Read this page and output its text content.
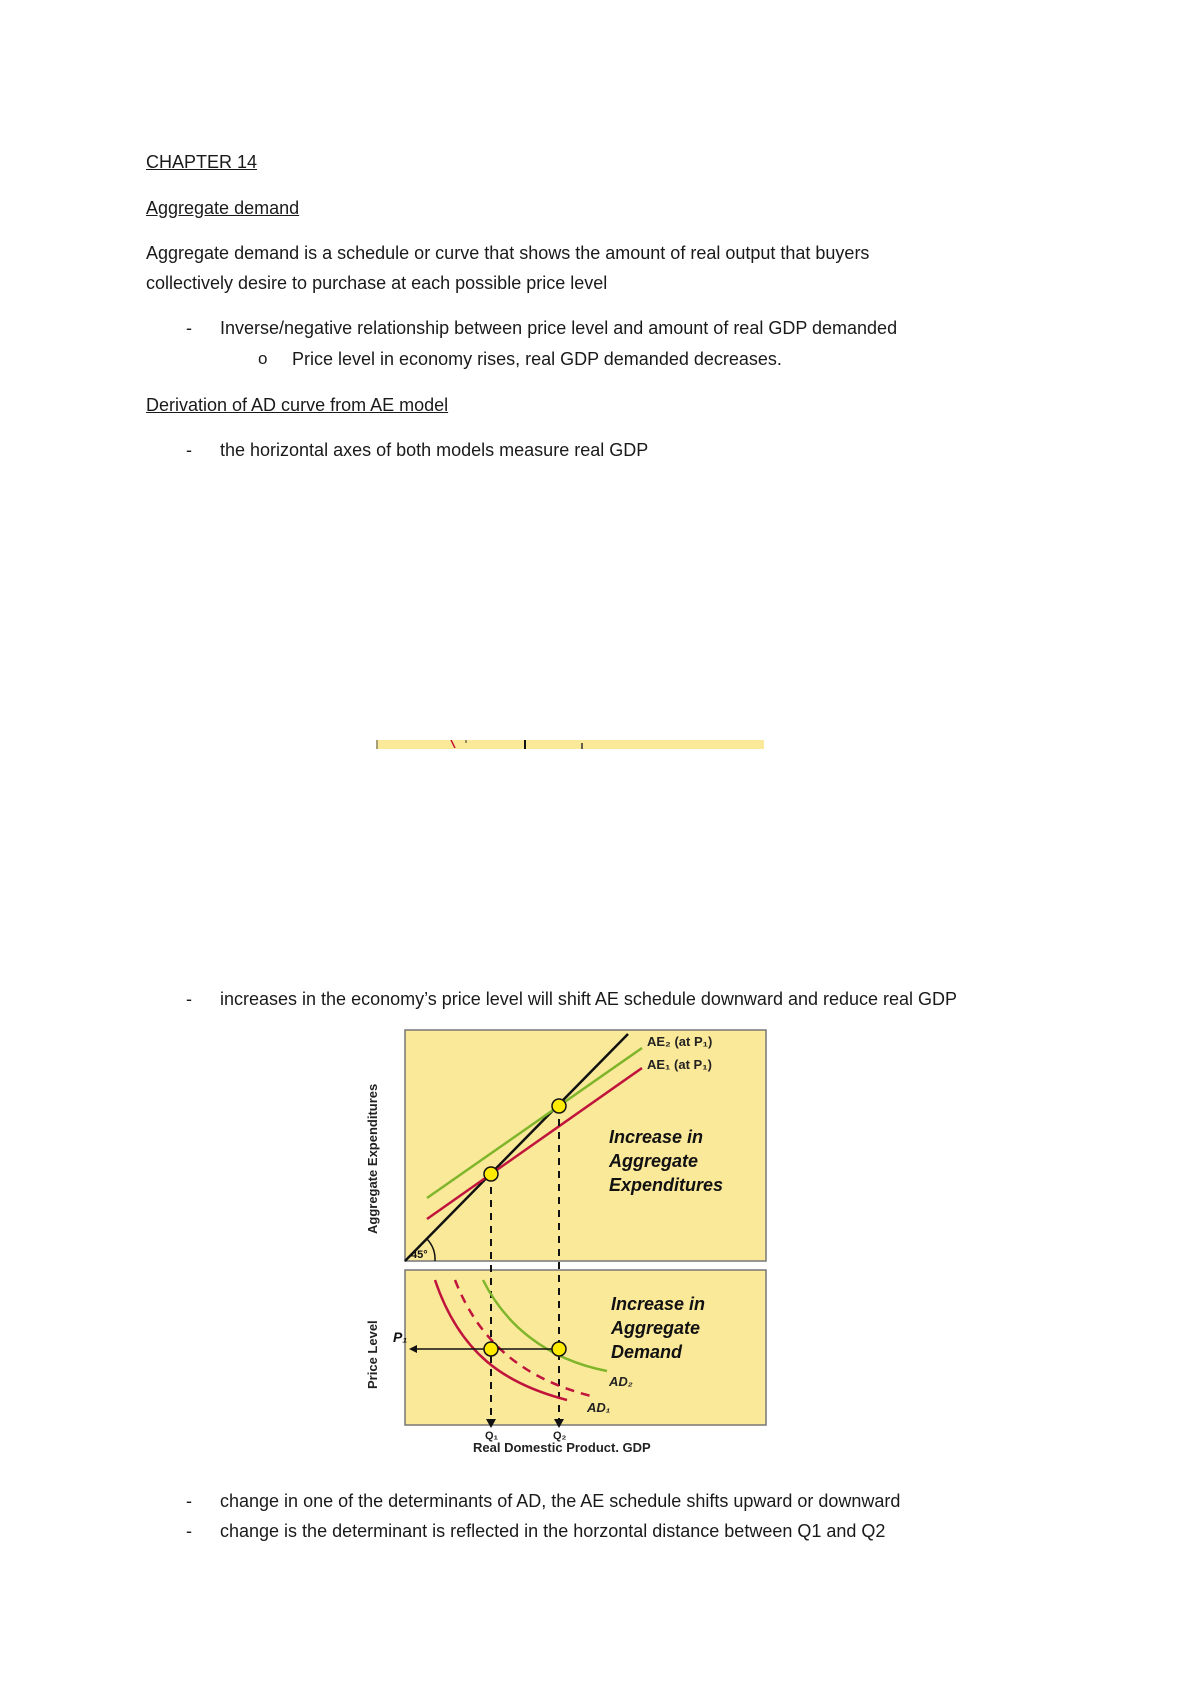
CHAPTER 14
Aggregate demand
Aggregate demand is a schedule or curve that shows the amount of real output that buyers
collectively desire to purchase at each possible price level
- Inverse/negative relationship between price level and amount of real GDP demanded
o Price level in economy rises, real GDP demanded decreases.
Derivation of AD curve from AE model
- the horizontal axes of both models measure real GDP
- increases in the economy’s price level will shift AE schedule downward and reduce real GDP
Aggregate Expenditures
Price Level
45°
AE₂ (at P₁)
AE₁ (at P₁)
Increase in
Aggregate
Expenditures
P₁
Increase in
Aggregate
Demand
AD₂
AD₁
Q₁	Q₂
Real Domestic Product. GDP
- change in one of the determinants of AD, the AE schedule shifts upward or downward
- change is the determinant is reflected in the horzontal distance between Q1 and Q2
